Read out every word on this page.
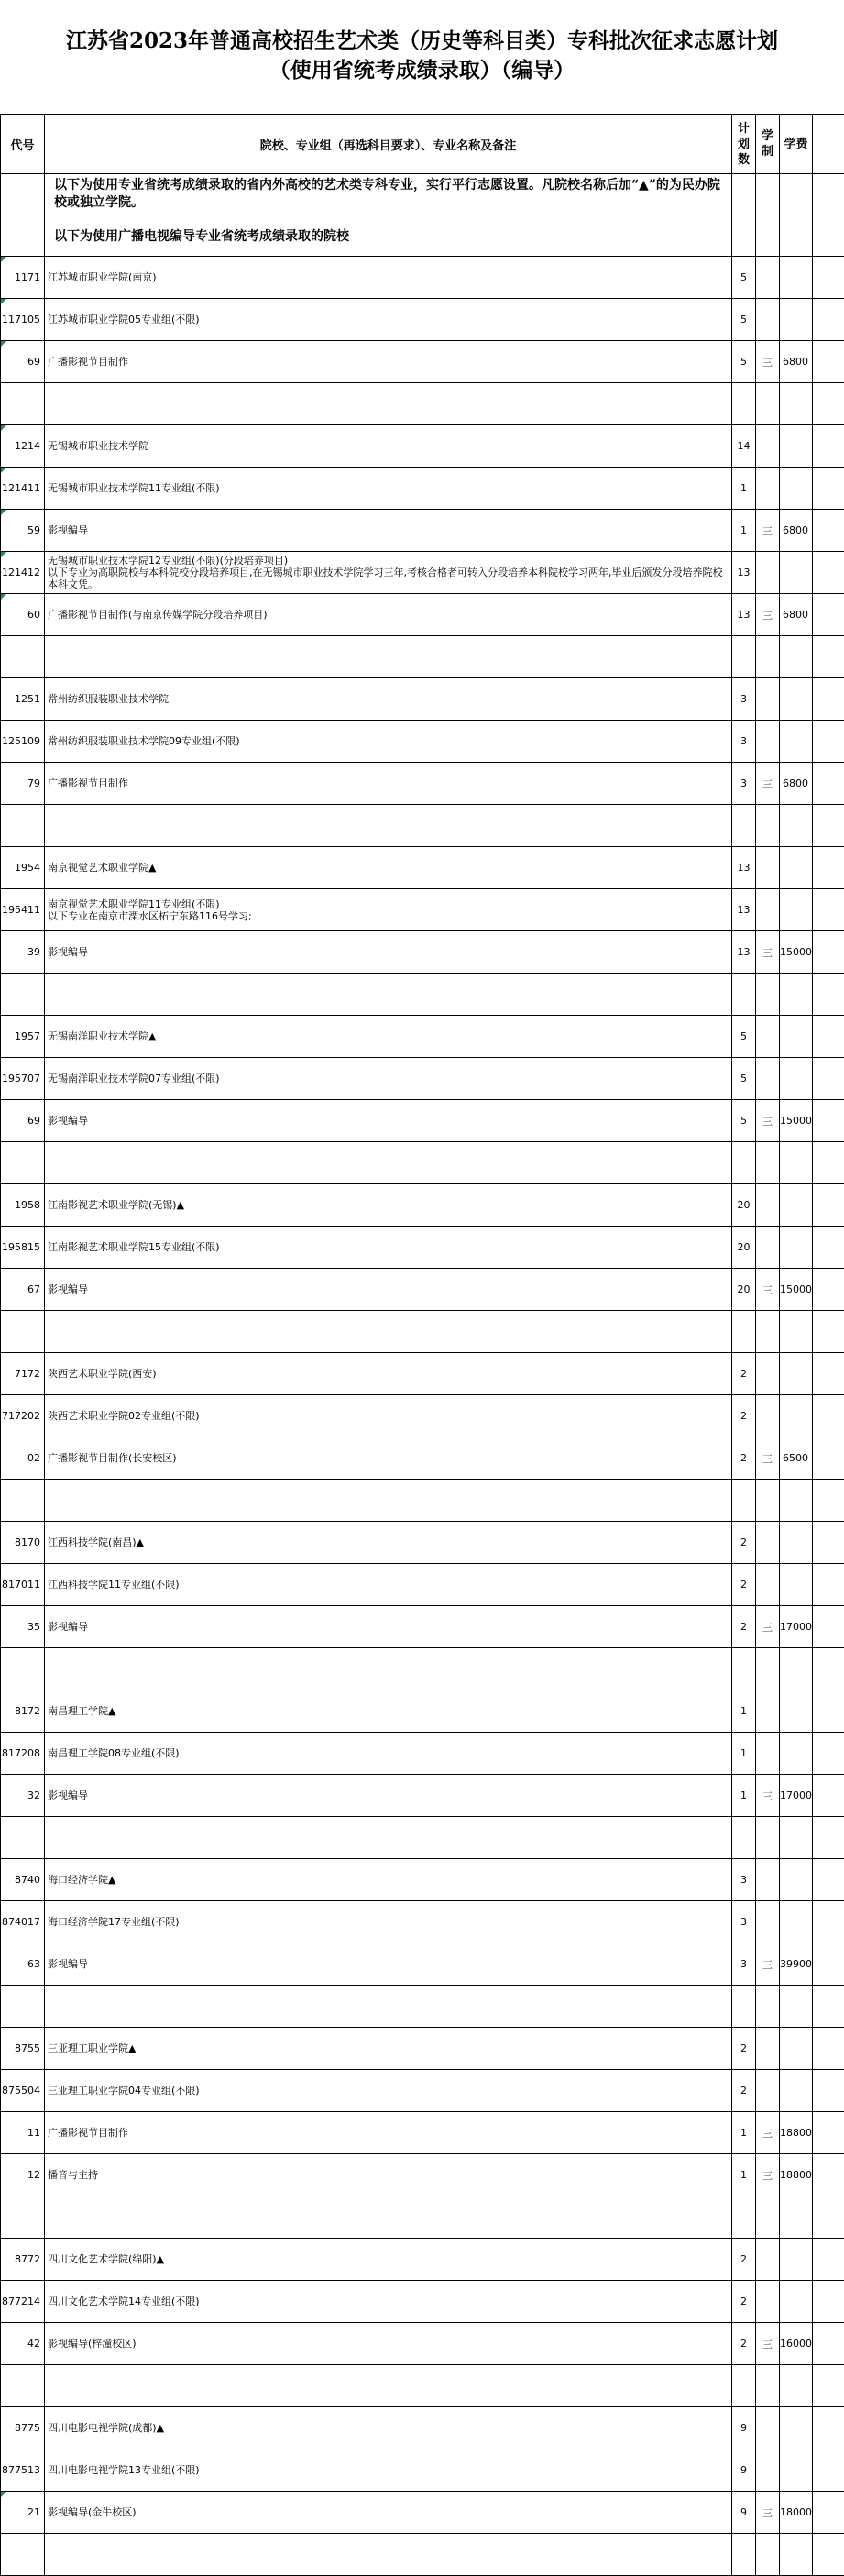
江苏省2023年普通高校招生艺术类（历史等科目类）专科批次征求志愿计划
（使用省统考成绩录取）（编导）
代号	院校、专业组（再选科目要求）、专业名称及备注	计划数	学制	学费	
	以下为使用专业省统考成绩录取的省内外高校的艺术类专科专业，实行平行志愿设置。凡院校名称后加“▲”的为民办院校或独立学院。				
	以下为使用广播电视编导专业省统考成绩录取的院校				

1171	江苏城市职业学院(南京)	5			

117105	江苏城市职业学院05专业组(不限)	5			

69	广播影视节目制作	5	三	6800	

1214	无锡城市职业技术学院	14			

121411	无锡城市职业技术学院11专业组(不限)	1			

59	影视编导	1	三	6800	

121412	无锡城市职业技术学院12专业组(不限)(分段培养项目)
以下专业为高职院校与本科院校分段培养项目,在无锡城市职业技术学院学习三年,考核合格者可转入分段培养本科院校学习两年,毕业后颁发分段培养院校本科文凭。	13			

60	广播影视节目制作(与南京传媒学院分段培养项目)	13	三	6800	

1251	常州纺织服装职业技术学院	3			
125109	常州纺织服装职业技术学院09专业组(不限)	3			
79	广播影视节目制作	3	三	6800	

1954	南京视觉艺术职业学院▲	13			
195411	南京视觉艺术职业学院11专业组(不限)
以下专业在南京市溧水区柘宁东路116号学习;	13			
39	影视编导	13	三	15000	

1957	无锡南洋职业技术学院▲	5			
195707	无锡南洋职业技术学院07专业组(不限)	5			
69	影视编导	5	三	15000	

1958	江南影视艺术职业学院(无锡)▲	20			
195815	江南影视艺术职业学院15专业组(不限)	20			
67	影视编导	20	三	15000	

7172	陕西艺术职业学院(西安)	2			
717202	陕西艺术职业学院02专业组(不限)	2			
02	广播影视节目制作(长安校区)	2	三	6500	

8170	江西科技学院(南昌)▲	2			
817011	江西科技学院11专业组(不限)	2			
35	影视编导	2	三	17000	

8172	南昌理工学院▲	1			
817208	南昌理工学院08专业组(不限)	1			
32	影视编导	1	三	17000	

8740	海口经济学院▲	3			
874017	海口经济学院17专业组(不限)	3			
63	影视编导	3	三	39900	

8755	三亚理工职业学院▲	2			
875504	三亚理工职业学院04专业组(不限)	2			
11	广播影视节目制作	1	三	18800	
12	播音与主持	1	三	18800	

8772	四川文化艺术学院(绵阳)▲	2			
877214	四川文化艺术学院14专业组(不限)	2			
42	影视编导(梓潼校区)	2	三	16000	

8775	四川电影电视学院(成都)▲	9			
877513	四川电影电视学院13专业组(不限)	9			

21	影视编导(金牛校区)	9	三	18000	
